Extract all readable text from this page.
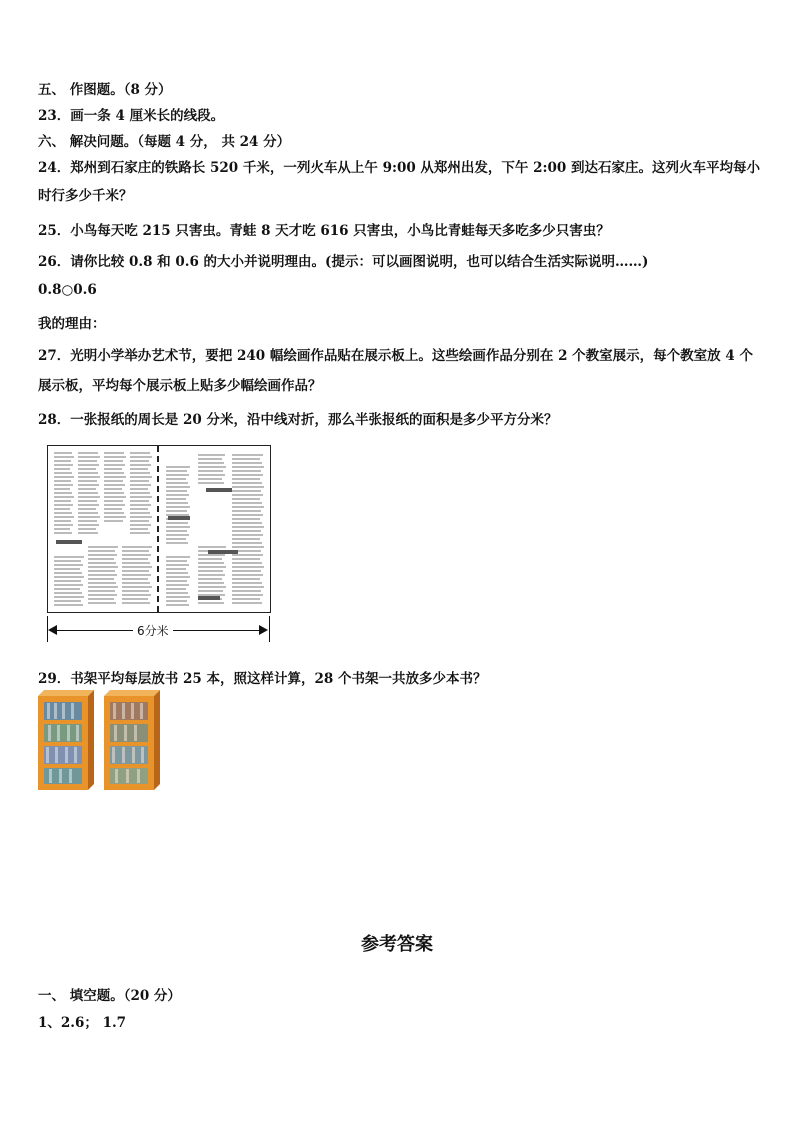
五、 作图题。（8 分）
23．画一条 4 厘米长的线段。
六、 解决问题。（每题 4 分， 共 24 分）
24．郑州到石家庄的铁路长 520 千米，一列火车从上午 9:00 从郑州出发，下午 2:00 到达石家庄。这列火车平均每小
时行多少千米？
25．小鸟每天吃 215 只害虫。青蛙 8 天才吃 616 只害虫，小鸟比青蛙每天多吃多少只害虫？
26．请你比较 0.8 和 0.6 的大小并说明理由。(提示：可以画图说明，也可以结合生活实际说明……)
0.8○0.6
我的理由：
27．光明小学举办艺术节，要把 240 幅绘画作品贴在展示板上。这些绘画作品分别在 2 个教室展示，每个教室放 4 个
展示板，平均每个展示板上贴多少幅绘画作品？
28．一张报纸的周长是 20 分米，沿中线对折，那么半张报纸的面积是多少平方分米？
6分米
29．书架平均每层放书 25 本，照这样计算，28 个书架一共放多少本书？
参考答案
一、 填空题。（20 分）
1、2.6； 1.7
